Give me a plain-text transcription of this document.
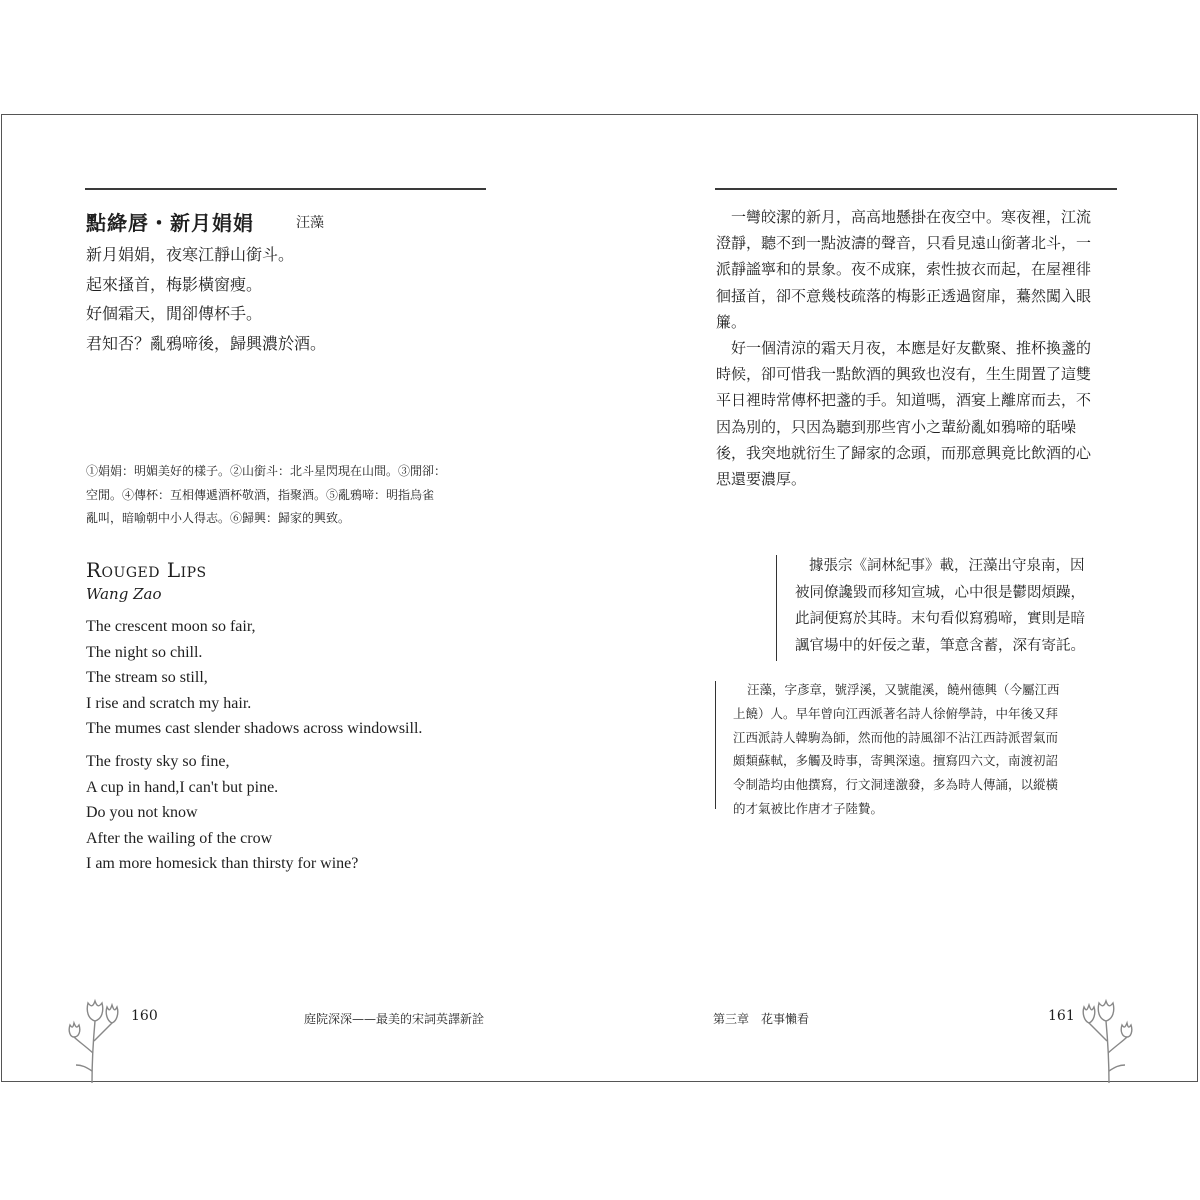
點絳唇・新月娟娟	汪藻
新月娟娟，夜寒江靜山銜斗。
起來搔首，梅影橫窗瘦。
好個霜天，閒卻傳杯手。
君知否？亂鴉啼後，歸興濃於酒。
①娟娟：明媚美好的樣子。②山銜斗：北斗星閃現在山間。③閒卻：
空閒。④傳杯：互相傳遞酒杯敬酒，指聚酒。⑤亂鴉啼：明指烏雀
亂叫，暗喻朝中小人得志。⑥歸興：歸家的興致。
Rouged Lips
Wang Zao
The crescent moon so fair,
The night so chill.
The stream so still,
I rise and scratch my hair.
The mumes cast slender shadows across windowsill.
The frosty sky so fine,
A cup in hand,I can't but pine.
Do you not know
After the wailing of the crow
I am more homesick than thirsty for wine?
160	庭院深深——最美的宋詞英譯新詮
一彎皎潔的新月，高高地懸掛在夜空中。寒夜裡，江流
澄靜，聽不到一點波濤的聲音，只看見遠山銜著北斗，一
派靜謐寧和的景象。夜不成寐，索性披衣而起，在屋裡徘
徊搔首，卻不意幾枝疏落的梅影正透過窗扉，驀然闖入眼
簾。
好一個清涼的霜天月夜，本應是好友歡聚、推杯換盞的
時候，卻可惜我一點飲酒的興致也沒有，生生閒置了這雙
平日裡時常傳杯把盞的手。知道嗎，酒宴上離席而去，不
因為別的，只因為聽到那些宵小之輩紛亂如鴉啼的聒噪
後，我突地就衍生了歸家的念頭，而那意興竟比飲酒的心
思還要濃厚。
據張宗《詞林紀事》載，汪藻出守泉南，因
被同僚讒毀而移知宣城，心中很是鬱悶煩躁，
此詞便寫於其時。末句看似寫鴉啼，實則是暗
諷官場中的奸佞之輩，筆意含蓄，深有寄託。
汪藻，字彥章，號浮溪，又號龍溪，饒州德興（今屬江西
上饒）人。早年曾向江西派著名詩人徐俯學詩，中年後又拜
江西派詩人韓駒為師，然而他的詩風卻不沾江西詩派習氣而
頗類蘇軾，多觸及時事，寄興深遠。擅寫四六文，南渡初詔
令制誥均由他撰寫，行文洞達激發，多為時人傳誦，以縱橫
的才氣被比作唐才子陸贄。
第三章　花事懶看	161
